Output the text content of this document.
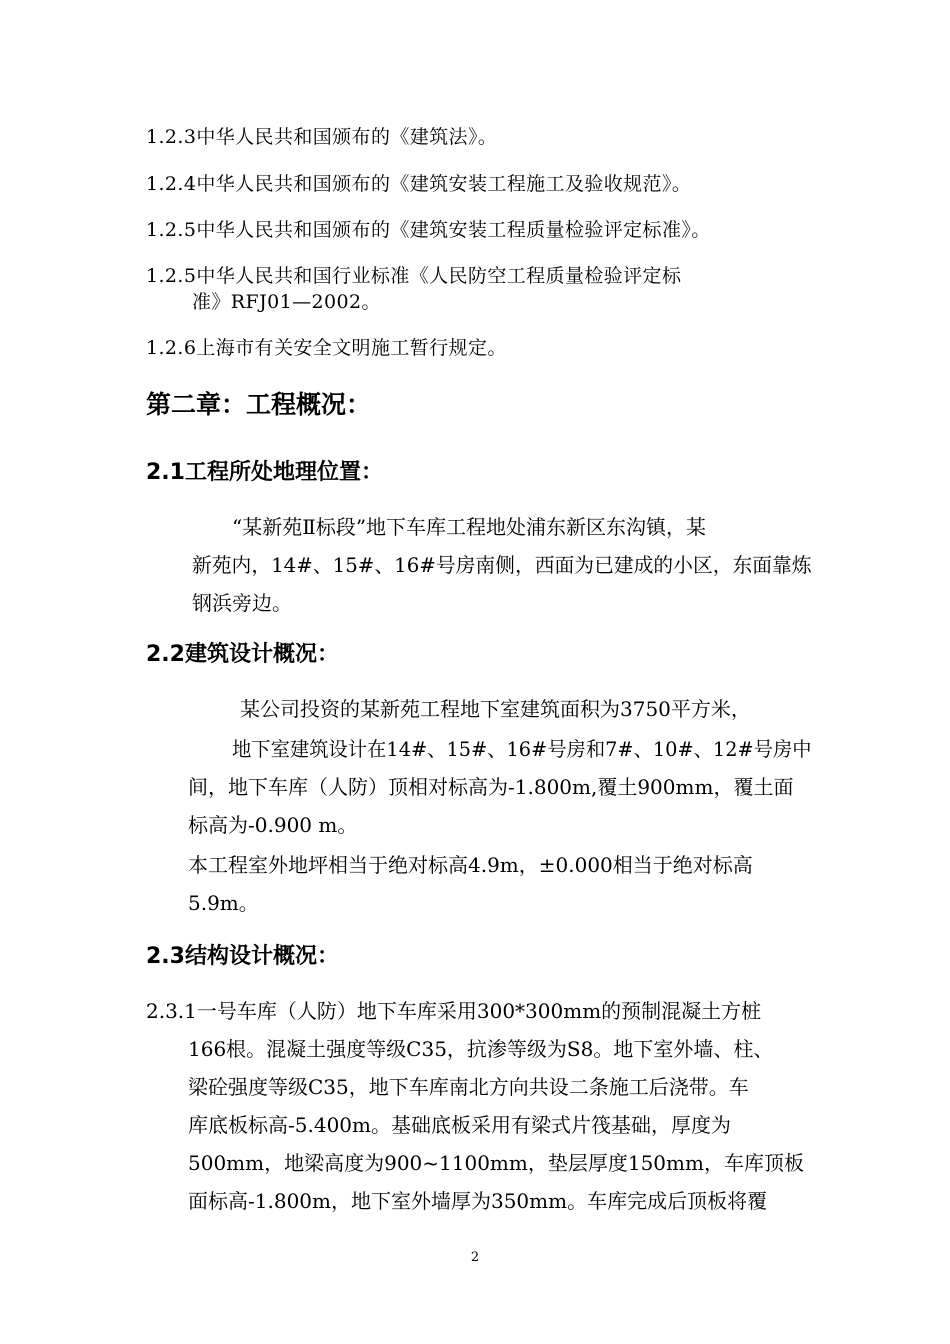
1.2.3中华人民共和国颁布的《建筑法》。
1.2.4中华人民共和国颁布的《建筑安装工程施工及验收规范》。
1.2.5中华人民共和国颁布的《建筑安装工程质量检验评定标准》。
1.2.5中华人民共和国行业标准《人民防空工程质量检验评定标
准》RFJ01—2002。
1.2.6上海市有关安全文明施工暂行规定。
第二章：工程概况：
2.1工程所处地理位置：
“某新苑Ⅱ标段”地下车库工程地处浦东新区东沟镇，某
新苑内，14#、15#、16#号房南侧，西面为已建成的小区，东面靠炼
钢浜旁边。
2.2建筑设计概况：
某公司投资的某新苑工程地下室建筑面积为3750平方米，
地下室建筑设计在14#、15#、16#号房和7#、10#、12#号房中
间，地下车库（人防）顶相对标高为-1.800m,覆土900mm，覆土面
标高为-0.900 m。
本工程室外地坪相当于绝对标高4.9m，±0.000相当于绝对标高
5.9m。
2.3结构设计概况：
2.3.1一号车库（人防）地下车库采用300*300mm的预制混凝土方桩
166根。混凝土强度等级C35，抗渗等级为S8。地下室外墙、柱、
梁砼强度等级C35，地下车库南北方向共设二条施工后浇带。车
库底板标高-5.400m。基础底板采用有梁式片筏基础，厚度为
500mm，地梁高度为900~1100mm，垫层厚度150mm，车库顶板
面标高-1.800m，地下室外墙厚为350mm。车库完成后顶板将覆
2
